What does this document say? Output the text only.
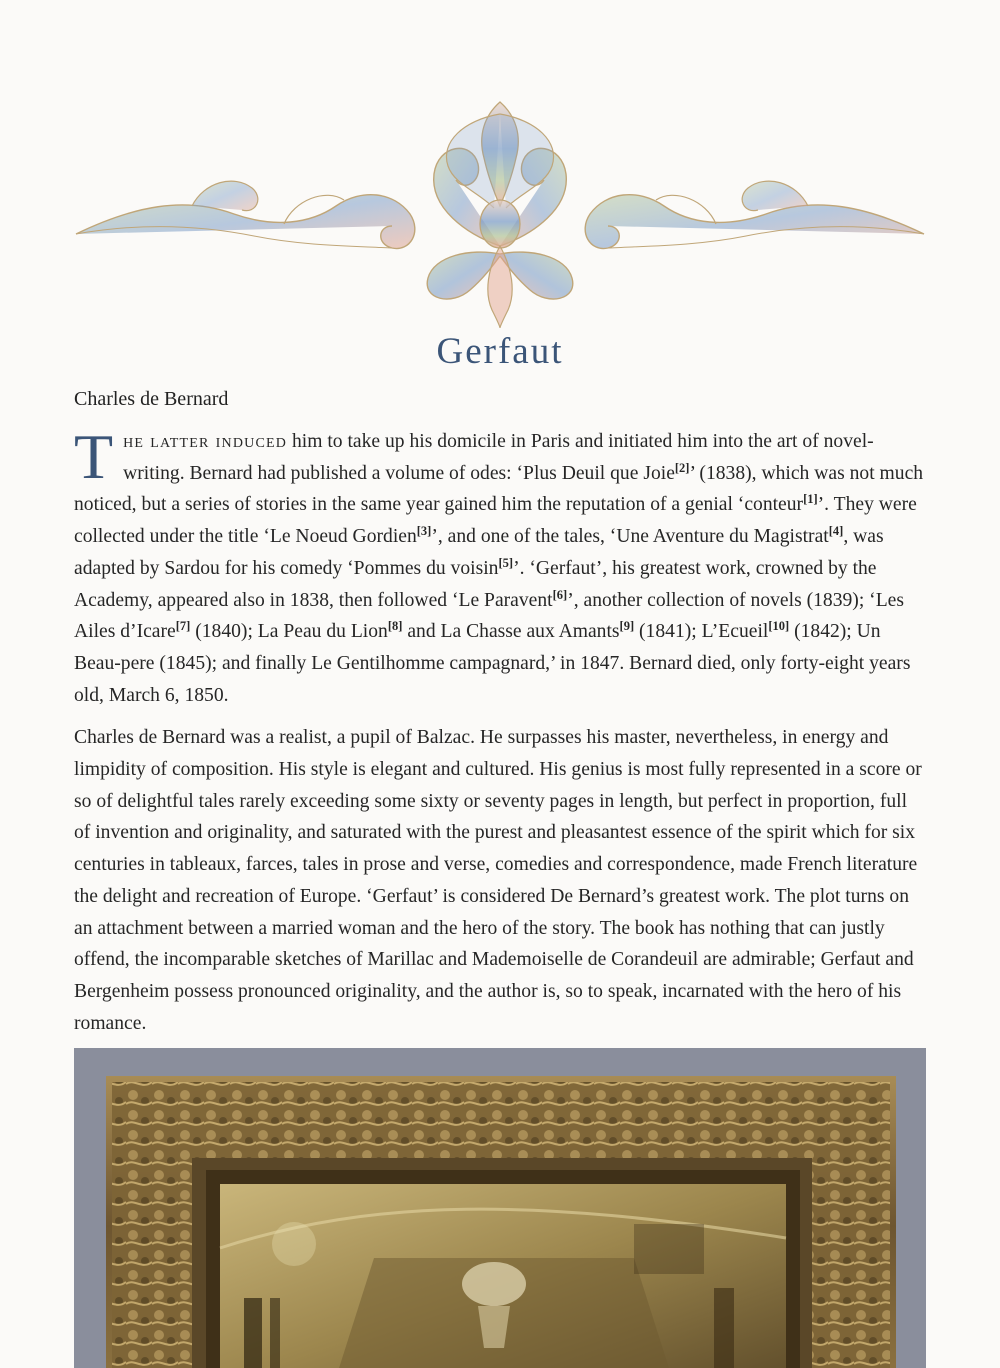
Gerfaut

Charles de Bernard

The latter induced him to take up his domicile in Paris and initiated him into the art of novel-writing. Bernard had published a volume of odes: ‘Plus Deuil que Joie[2]’ (1838), which was not much noticed, but a series of stories in the same year gained him the reputation of a genial ‘conteur[1]’. They were collected under the title ‘Le Noeud Gordien[3]’, and one of the tales, ‘Une Aventure du Magistrat[4], was adapted by Sardou for his comedy ‘Pommes du voisin[5]’. ‘Gerfaut’, his greatest work, crowned by the Academy, appeared also in 1838, then followed ‘Le Paravent[6]’, another collection of novels (1839); ‘Les Ailes d’Icare[7] (1840); La Peau du Lion[8] and La Chasse aux Amants[9] (1841); L’Ecueil[10] (1842); Un Beau-pere (1845); and finally Le Gentilhomme campagnard,’ in 1847. Bernard died, only forty-eight years old, March 6, 1850.

Charles de Bernard was a realist, a pupil of Balzac. He surpasses his master, nevertheless, in energy and limpidity of composition. His style is elegant and cultured. His genius is most fully represented in a score or so of delightful tales rarely exceeding some sixty or seventy pages in length, but perfect in proportion, full of invention and originality, and saturated with the purest and pleasantest essence of the spirit which for six centuries in tableaux, farces, tales in prose and verse, comedies and correspondence, made French literature the delight and recreation of Europe. ‘Gerfaut’ is considered De Bernard’s greatest work. The plot turns on an attachment between a married woman and the hero of the story. The book has nothing that can justly offend, the incomparable sketches of Marillac and Mademoiselle de Corandeuil are admirable; Gerfaut and Bergenheim possess pronounced originality, and the author is, so to speak, incarnated with the hero of his romance.
